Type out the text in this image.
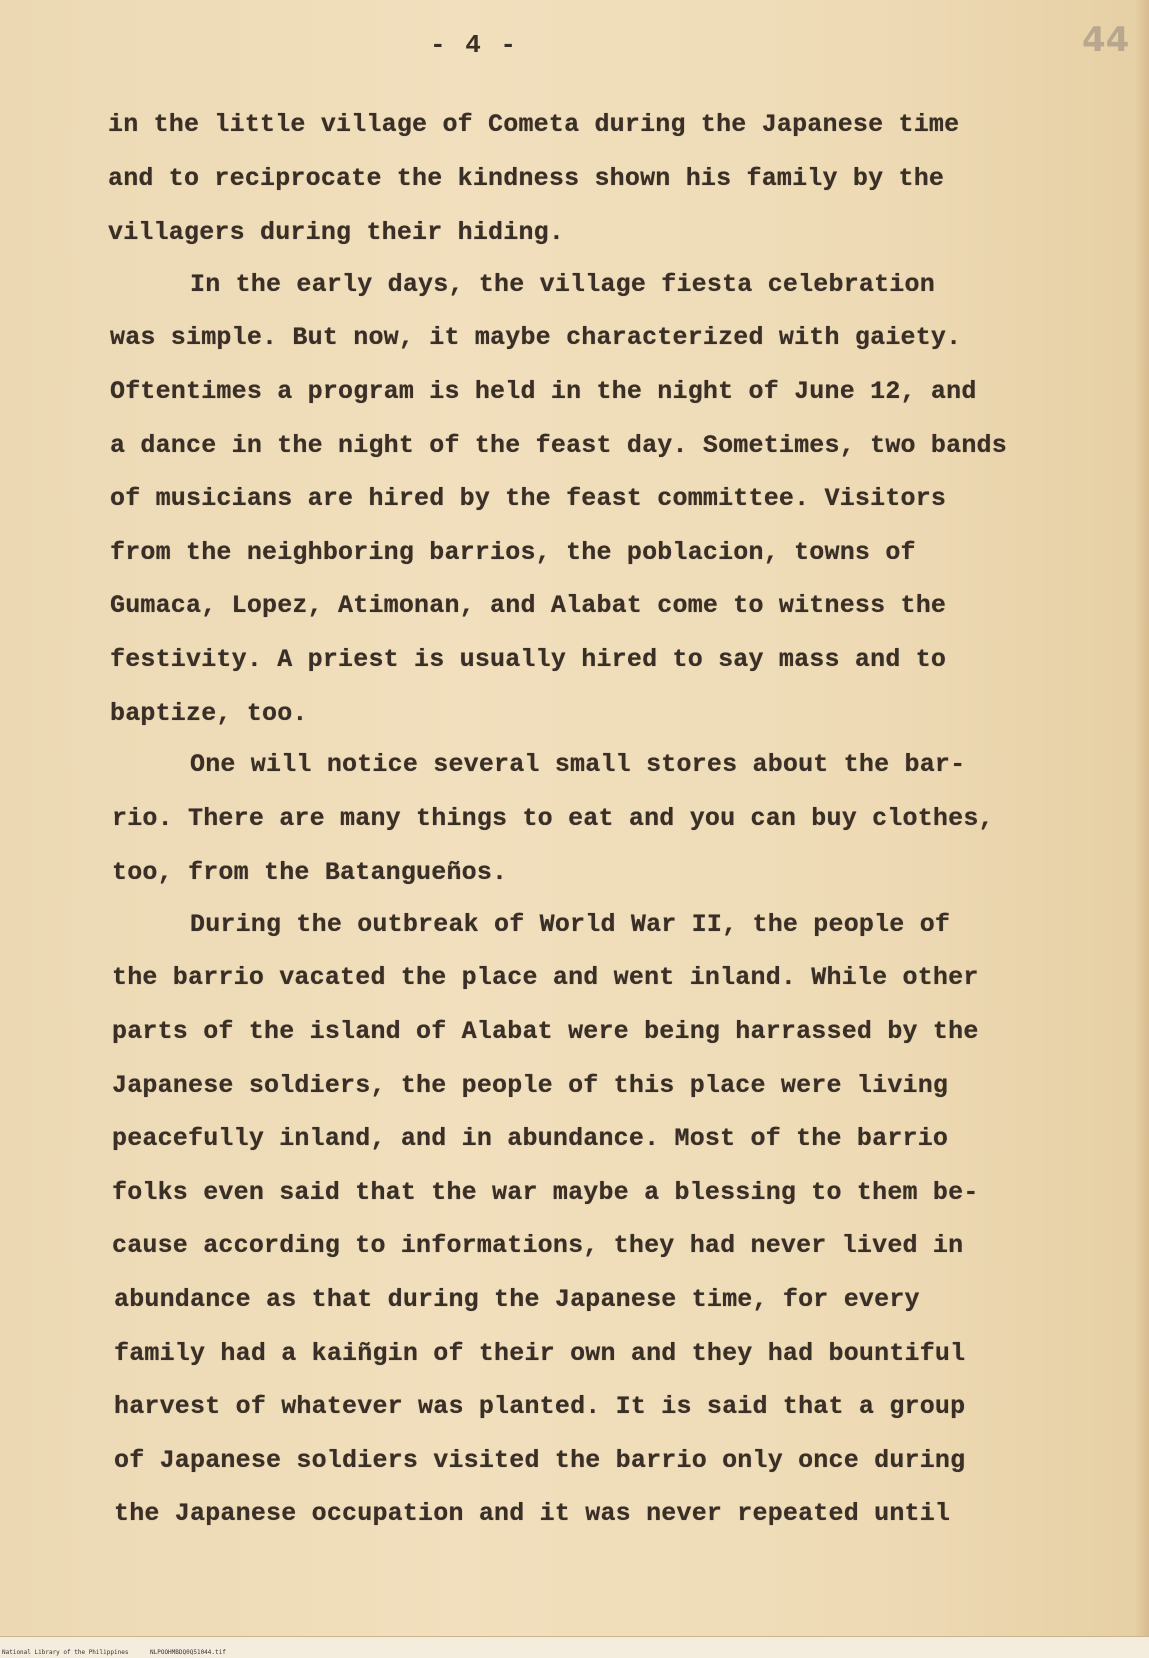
- 4 -	44
in the little village of Cometa during the Japanese time
and to reciprocate the kindness shown his family by the
villagers during their hiding.
In the early days, the village fiesta celebration
was simple. But now, it maybe characterized with gaiety.
Oftentimes a program is held in the night of June 12, and
a dance in the night of the feast day. Sometimes, two bands
of musicians are hired by the feast committee. Visitors
from the neighboring barrios, the poblacion, towns of
Gumaca, Lopez, Atimonan, and Alabat come to witness the
festivity. A priest is usually hired to say mass and to
baptize, too.
One will notice several small stores about the bar-
rio. There are many things to eat and you can buy clothes,
too, from the Batangueños.
During the outbreak of World War II, the people of
the barrio vacated the place and went inland. While other
parts of the island of Alabat were being harrassed by the
Japanese soldiers, the people of this place were living
peacefully inland, and in abundance. Most of the barrio
folks even said that the war maybe a blessing to them be-
cause according to informations, they had never lived in
abundance as that during the Japanese time, for every
family had a kaiñgin of their own and they had bountiful
harvest of whatever was planted. It is said that a group
of Japanese soldiers visited the barrio only once during
the Japanese occupation and it was never repeated until
National Library of the Philippines	NLPOOHMBDQ0Q51044.tif
